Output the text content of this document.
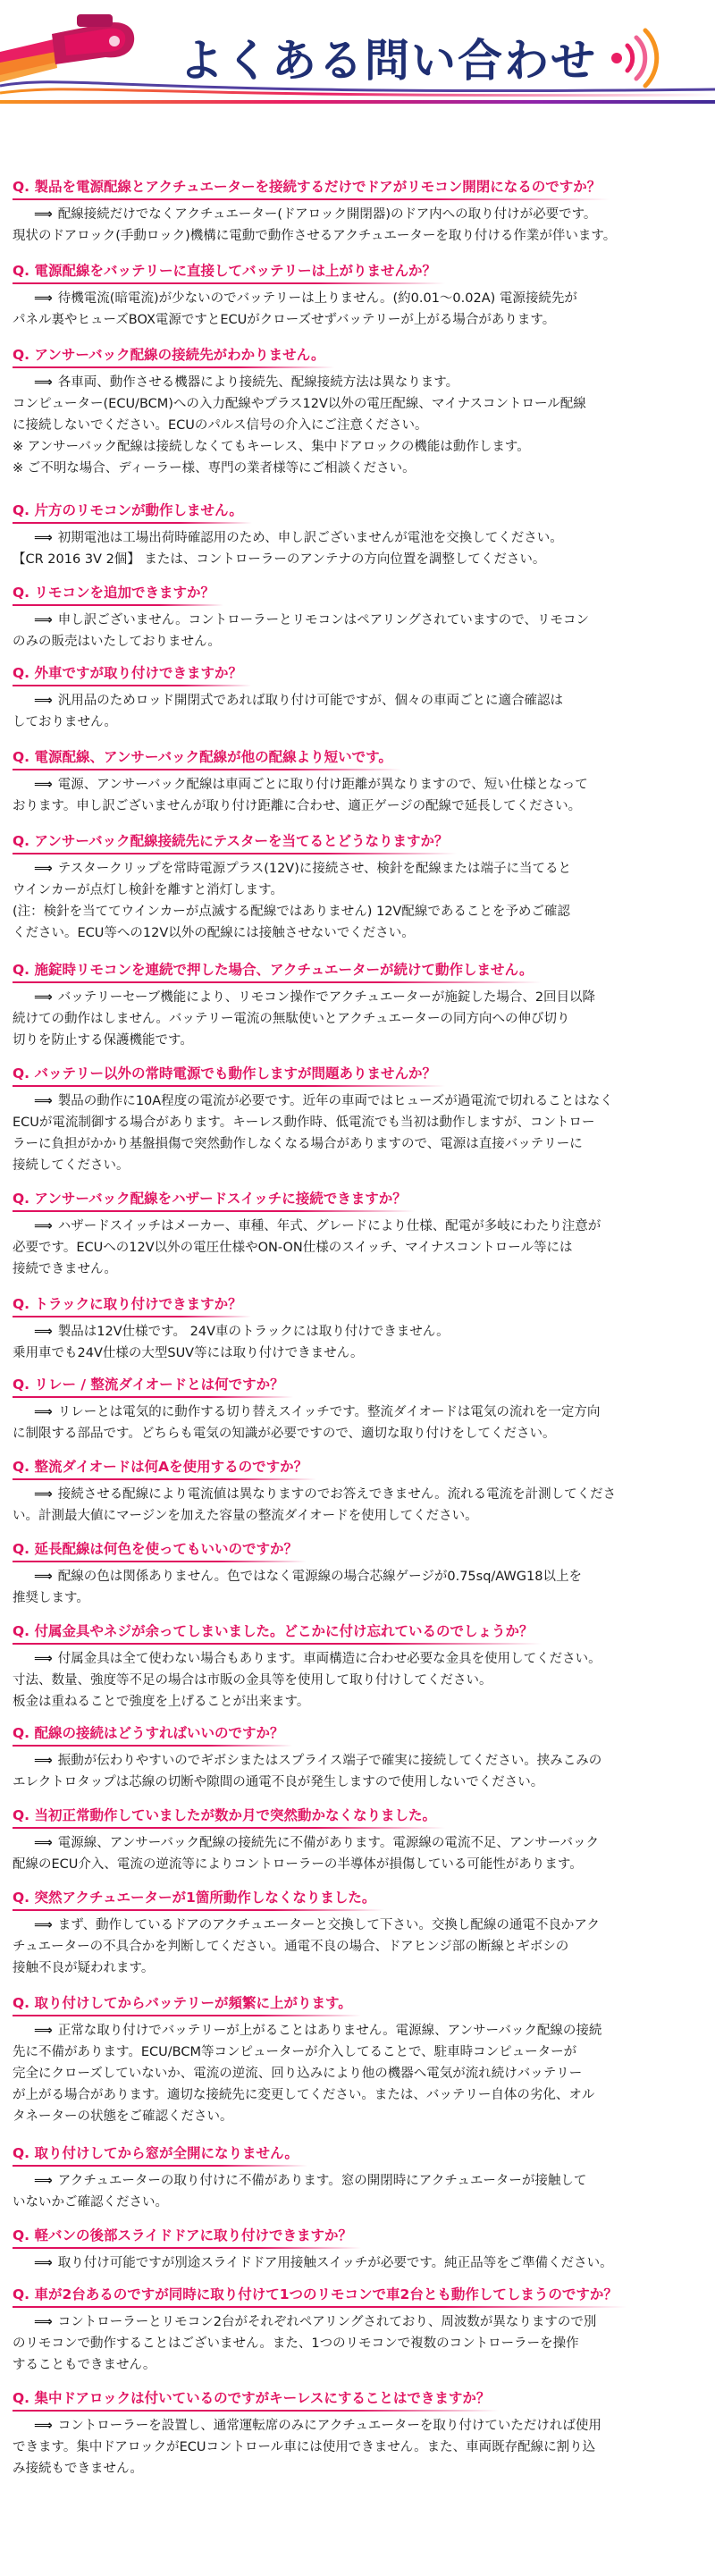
よくある問い合わせ
Q. 製品を電源配線とアクチュエーターを接続するだけでドアがリモコン開閉になるのですか？
⟹ 配線接続だけでなくアクチュエーター(ドアロック開閉器)のドア内への取り付けが必要です。
現状のドアロック(手動ロック)機構に電動で動作させるアクチュエーターを取り付ける作業が伴います。
Q. 電源配線をバッテリーに直接してバッテリーは上がりませんか？
⟹ 待機電流(暗電流)が少ないのでバッテリーは上りません。(約0.01～0.02A) 電源接続先が
パネル裏やヒューズBOX電源ですとECUがクローズせずバッテリーが上がる場合があります。
Q. アンサーバック配線の接続先がわかりません。
⟹ 各車両、動作させる機器により接続先、配線接続方法は異なります。
コンピューター(ECU/BCM)への入力配線やプラス12V以外の電圧配線、マイナスコントロール配線
に接続しないでください。ECUのパルス信号の介入にご注意ください。
※ アンサーバック配線は接続しなくてもキーレス、集中ドアロックの機能は動作します。
※ ご不明な場合、ディーラー様、専門の業者様等にご相談ください。
Q. 片方のリモコンが動作しません。
⟹ 初期電池は工場出荷時確認用のため、申し訳ございませんが電池を交換してください。
【CR 2016 3V 2個】 または、コントローラーのアンテナの方向位置を調整してください。
Q. リモコンを追加できますか？
⟹ 申し訳ございません。コントローラーとリモコンはペアリングされていますので、リモコン
のみの販売はいたしておりません。
Q. 外車ですが取り付けできますか？
⟹ 汎用品のためロッド開閉式であれば取り付け可能ですが、個々の車両ごとに適合確認は
しておりません。
Q. 電源配線、アンサーバック配線が他の配線より短いです。
⟹ 電源、アンサーバック配線は車両ごとに取り付け距離が異なりますので、短い仕様となって
おります。申し訳ございませんが取り付け距離に合わせ、適正ゲージの配線で延長してください。
Q. アンサーバック配線接続先にテスターを当てるとどうなりますか？
⟹ テスタークリップを常時電源プラス(12V)に接続させ、検針を配線または端子に当てると
ウインカーが点灯し検針を離すと消灯します。
(注：検針を当ててウインカーが点滅する配線ではありません) 12V配線であることを予めご確認
ください。ECU等への12V以外の配線には接触させないでください。
Q. 施錠時リモコンを連続で押した場合、アクチュエーターが続けて動作しません。
⟹ バッテリーセーブ機能により、リモコン操作でアクチュエーターが施錠した場合、2回目以降
続けての動作はしません。バッテリー電流の無駄使いとアクチュエーターの同方向への伸び切り
切りを防止する保護機能です。
Q. バッテリー以外の常時電源でも動作しますが問題ありませんか？
⟹ 製品の動作に10A程度の電流が必要です。近年の車両ではヒューズが過電流で切れることはなく
ECUが電流制御する場合があります。キーレス動作時、低電流でも当初は動作しますが、コントロー
ラーに負担がかかり基盤損傷で突然動作しなくなる場合がありますので、電源は直接バッテリーに
接続してください。
Q. アンサーバック配線をハザードスイッチに接続できますか？
⟹ ハザードスイッチはメーカー、車種、年式、グレードにより仕様、配電が多岐にわたり注意が
必要です。ECUへの12V以外の電圧仕様やON-ON仕様のスイッチ、マイナスコントロール等には
接続できません。
Q. トラックに取り付けできますか？
⟹ 製品は12V仕様です。 24V車のトラックには取り付けできません。
乗用車でも24V仕様の大型SUV等には取り付けできません。
Q. リレー / 整流ダイオードとは何ですか？
⟹ リレーとは電気的に動作する切り替えスイッチです。整流ダイオードは電気の流れを一定方向
に制限する部品です。どちらも電気の知識が必要ですので、適切な取り付けをしてください。
Q. 整流ダイオードは何Aを使用するのですか？
⟹ 接続させる配線により電流値は異なりますのでお答えできません。流れる電流を計測してくださ
い。計測最大値にマージンを加えた容量の整流ダイオードを使用してください。
Q. 延長配線は何色を使ってもいいのですか？
⟹ 配線の色は関係ありません。色ではなく電源線の場合芯線ゲージが0.75sq/AWG18以上を
推奨します。
Q. 付属金具やネジが余ってしまいました。どこかに付け忘れているのでしょうか？
⟹ 付属金具は全て使わない場合もあります。車両構造に合わせ必要な金具を使用してください。
寸法、数量、強度等不足の場合は市販の金具等を使用して取り付けしてください。
板金は重ねることで強度を上げることが出来ます。
Q. 配線の接続はどうすればいいのですか？
⟹ 振動が伝わりやすいのでギボシまたはスプライス端子で確実に接続してください。挟みこみの
エレクトロタップは芯線の切断や隙間の通電不良が発生しますので使用しないでください。
Q. 当初正常動作していましたが数か月で突然動かなくなりました。
⟹ 電源線、アンサーバック配線の接続先に不備があります。電源線の電流不足、アンサーバック
配線のECU介入、電流の逆流等によりコントローラーの半導体が損傷している可能性があります。
Q. 突然アクチュエーターが1箇所動作しなくなりました。
⟹ まず、動作しているドアのアクチュエーターと交換して下さい。交換し配線の通電不良かアク
チュエーターの不具合かを判断してください。通電不良の場合、ドアヒンジ部の断線とギボシの
接触不良が疑われます。
Q. 取り付けしてからバッテリーが頻繁に上がります。
⟹ 正常な取り付けでバッテリーが上がることはありません。電源線、アンサーバック配線の接続
先に不備があります。ECU/BCM等コンピューターが介入してることで、駐車時コンピューターが
完全にクローズしていないか、電流の逆流、回り込みにより他の機器へ電気が流れ続けバッテリー
が上がる場合があります。適切な接続先に変更してください。または、バッテリー自体の劣化、オル
タネーターの状態をご確認ください。
Q. 取り付けしてから窓が全開になりません。
⟹ アクチュエーターの取り付けに不備があります。窓の開閉時にアクチュエーターが接触して
いないかご確認ください。
Q. 軽バンの後部スライドドアに取り付けできますか？
⟹ 取り付け可能ですが別途スライドドア用接触スイッチが必要です。純正品等をご準備ください。
Q. 車が2台あるのですが同時に取り付けて1つのリモコンで車2台とも動作してしまうのですか？
⟹ コントローラーとリモコン2台がそれぞれペアリングされており、周波数が異なりますので別
のリモコンで動作することはございません。また、1つのリモコンで複数のコントローラーを操作
することもできません。
Q. 集中ドアロックは付いているのですがキーレスにすることはできますか？
⟹ コントローラーを設置し、通常運転席のみにアクチュエーターを取り付けていただければ使用
できます。集中ドアロックがECUコントロール車には使用できません。また、車両既存配線に割り込
み接続もできません。
